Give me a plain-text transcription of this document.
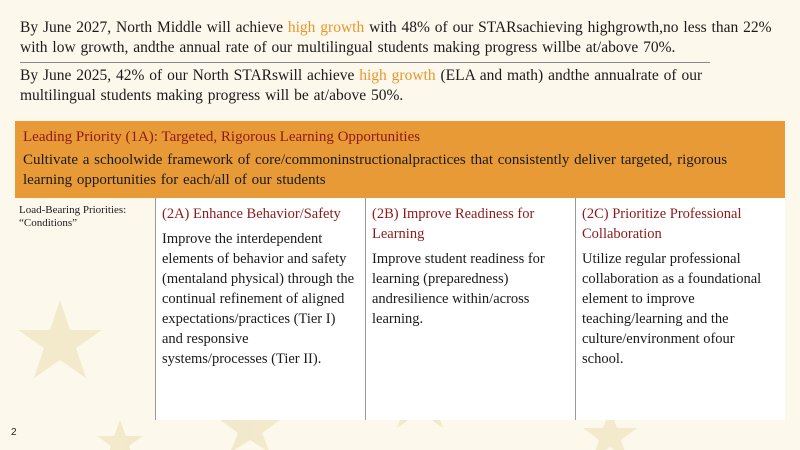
By June 2027, North Middle will achieve high growth with 48% of our STARsachieving highgrowth,no less than 22% with low growth, andthe annual rate of our multilingual students making progress willbe at/above 70%.
By June 2025, 42% of our North STARswill achieve high growth (ELA and math) andthe annualrate of our multilingual students making progress will be at/above 50%.
Leading Priority (1A): Targeted, Rigorous Learning Opportunities
Cultivate a schoolwide framework of core/commoninstructionalpractices that consistently deliver targeted, rigorous learning opportunities for each/all of our students
Load-Bearing Priorities: “Conditions”
(2A) Enhance Behavior/Safety
Improve the interdependent elements of behavior and safety (mentaland physical) through the continual refinement of aligned expectations/practices (Tier I) and responsive systems/processes (Tier II).
(2B) Improve Readiness for Learning
Improve student readiness for learning (preparedness) andresilience within/across learning.
(2C) Prioritize Professional Collaboration
Utilize regular professional collaboration as a foundational element to improve teaching/learning and the culture/environment ofour school.
2
